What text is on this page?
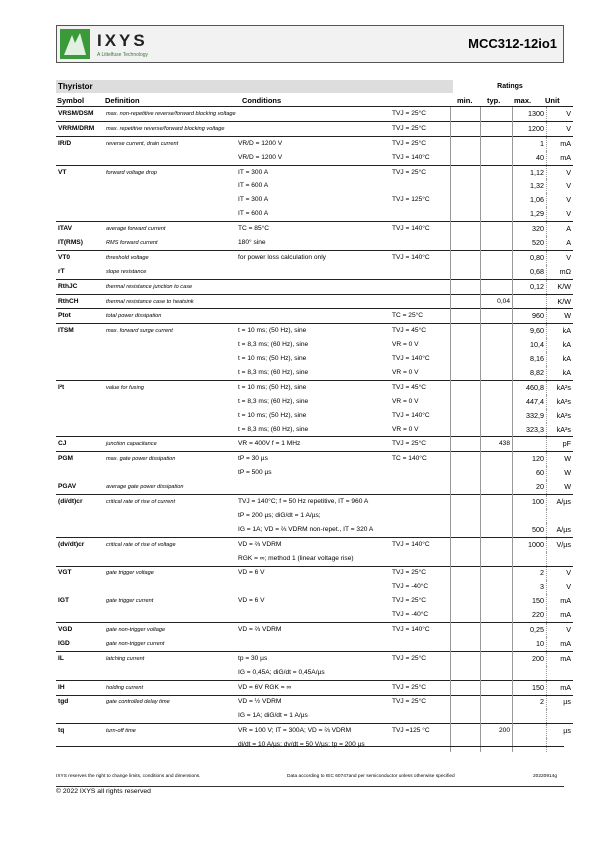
IXYS
A Littelfuse Technology
MCC312-12io1
Thyristor	Ratings
Symbol	Definition	Conditions	min. typ. max. Unit
VRSM/DSM	max. non-repetitive reverse/forward blocking voltage		TVJ = 25°C			1300	V
VRRM/DRM	max. repetitive reverse/forward blocking voltage		TVJ = 25°C			1200	V
IR/D	reverse current, drain current	VR/D = 1200 V	TVJ = 25°C			1	mA
		VR/D = 1200 V	TVJ = 140°C			40	mA
VT	forward voltage drop	IT = 300 A	TVJ = 25°C			1,12	V
		IT = 600 A				1,32	V
		IT = 300 A	TVJ = 125°C			1,06	V
		IT = 600 A				1,29	V
ITAV	average forward current	TC = 85°C	TVJ = 140°C			320	A
IT(RMS)	RMS forward current	180° sine				520	A
VT0	threshold voltage	for power loss calculation only	TVJ = 140°C			0,80	V
rT	slope resistance					0,68	mΩ
RthJC	thermal resistance junction to case					0,12	K/W
RthCH	thermal resistance case to heatsink				0,04		K/W
Ptot	total power dissipation		TC = 25°C			960	W
ITSM	max. forward surge current	t = 10 ms; (50 Hz), sine	TVJ = 45°C			9,60	kA
		t = 8,3 ms; (60 Hz), sine	VR = 0 V			10,4	kA
		t = 10 ms; (50 Hz), sine	TVJ = 140°C			8,16	kA
		t = 8,3 ms; (60 Hz), sine	VR = 0 V			8,82	kA
I²t	value for fusing	t = 10 ms; (50 Hz), sine	TVJ = 45°C			460,8	kA²s
		t = 8,3 ms; (60 Hz), sine	VR = 0 V			447,4	kA²s
		t = 10 ms; (50 Hz), sine	TVJ = 140°C			332,9	kA²s
		t = 8,3 ms; (60 Hz), sine	VR = 0 V			323,3	kA²s
CJ	junction capacitance	VR = 400V f = 1 MHz	TVJ = 25°C		438		pF
PGM	max. gate power dissipation	tP = 30 µs	TC = 140°C			120	W
		tP = 500 µs				60	W
PGAV	average gate power dissipation					20	W
(di/dt)cr	critical rate of rise of current	TVJ = 140°C; f = 50 Hz repetitive, IT = 960 A				100	A/µs
		tP = 200 µs; diG/dt = 1 A/µs;					
		IG = 1A; VD = ⅔ VDRM non-repet., IT = 320 A				500	A/µs
(dv/dt)cr	critical rate of rise of voltage	VD = ⅔ VDRM	TVJ = 140°C			1000	V/µs
		RGK = ∞; method 1 (linear voltage rise)					
VGT	gate trigger voltage	VD = 6 V	TVJ = 25°C			2	V
			TVJ = -40°C			3	V
IGT	gate trigger current	VD = 6 V	TVJ = 25°C			150	mA
			TVJ = -40°C			220	mA
VGD	gate non-trigger voltage	VD = ⅔ VDRM	TVJ = 140°C			0,25	V
IGD	gate non-trigger current					10	mA
IL	latching current	tp = 30 µs	TVJ = 25°C			200	mA
		IG = 0,45A; diG/dt = 0,45A/µs					
IH	holding current	VD = 6V RGK = ∞	TVJ = 25°C			150	mA
tgd	gate controlled delay time	VD = ½ VDRM	TVJ = 25°C			2	µs
		IG = 1A; diG/dt = 1 A/µs					
tq	turn-off time	VR = 100 V; IT = 300A; VD = ⅔ VDRM	TVJ =125 °C		200		µs
		di/dt = 10 A/µs; dv/dt = 50 V/µs; tp = 200 µs					
IXYS reserves the right to change limits, conditions and dimensions.	Data according to IEC 60747and per semiconductor unless otherwise specified	20220914g
© 2022 IXYS all rights reserved
